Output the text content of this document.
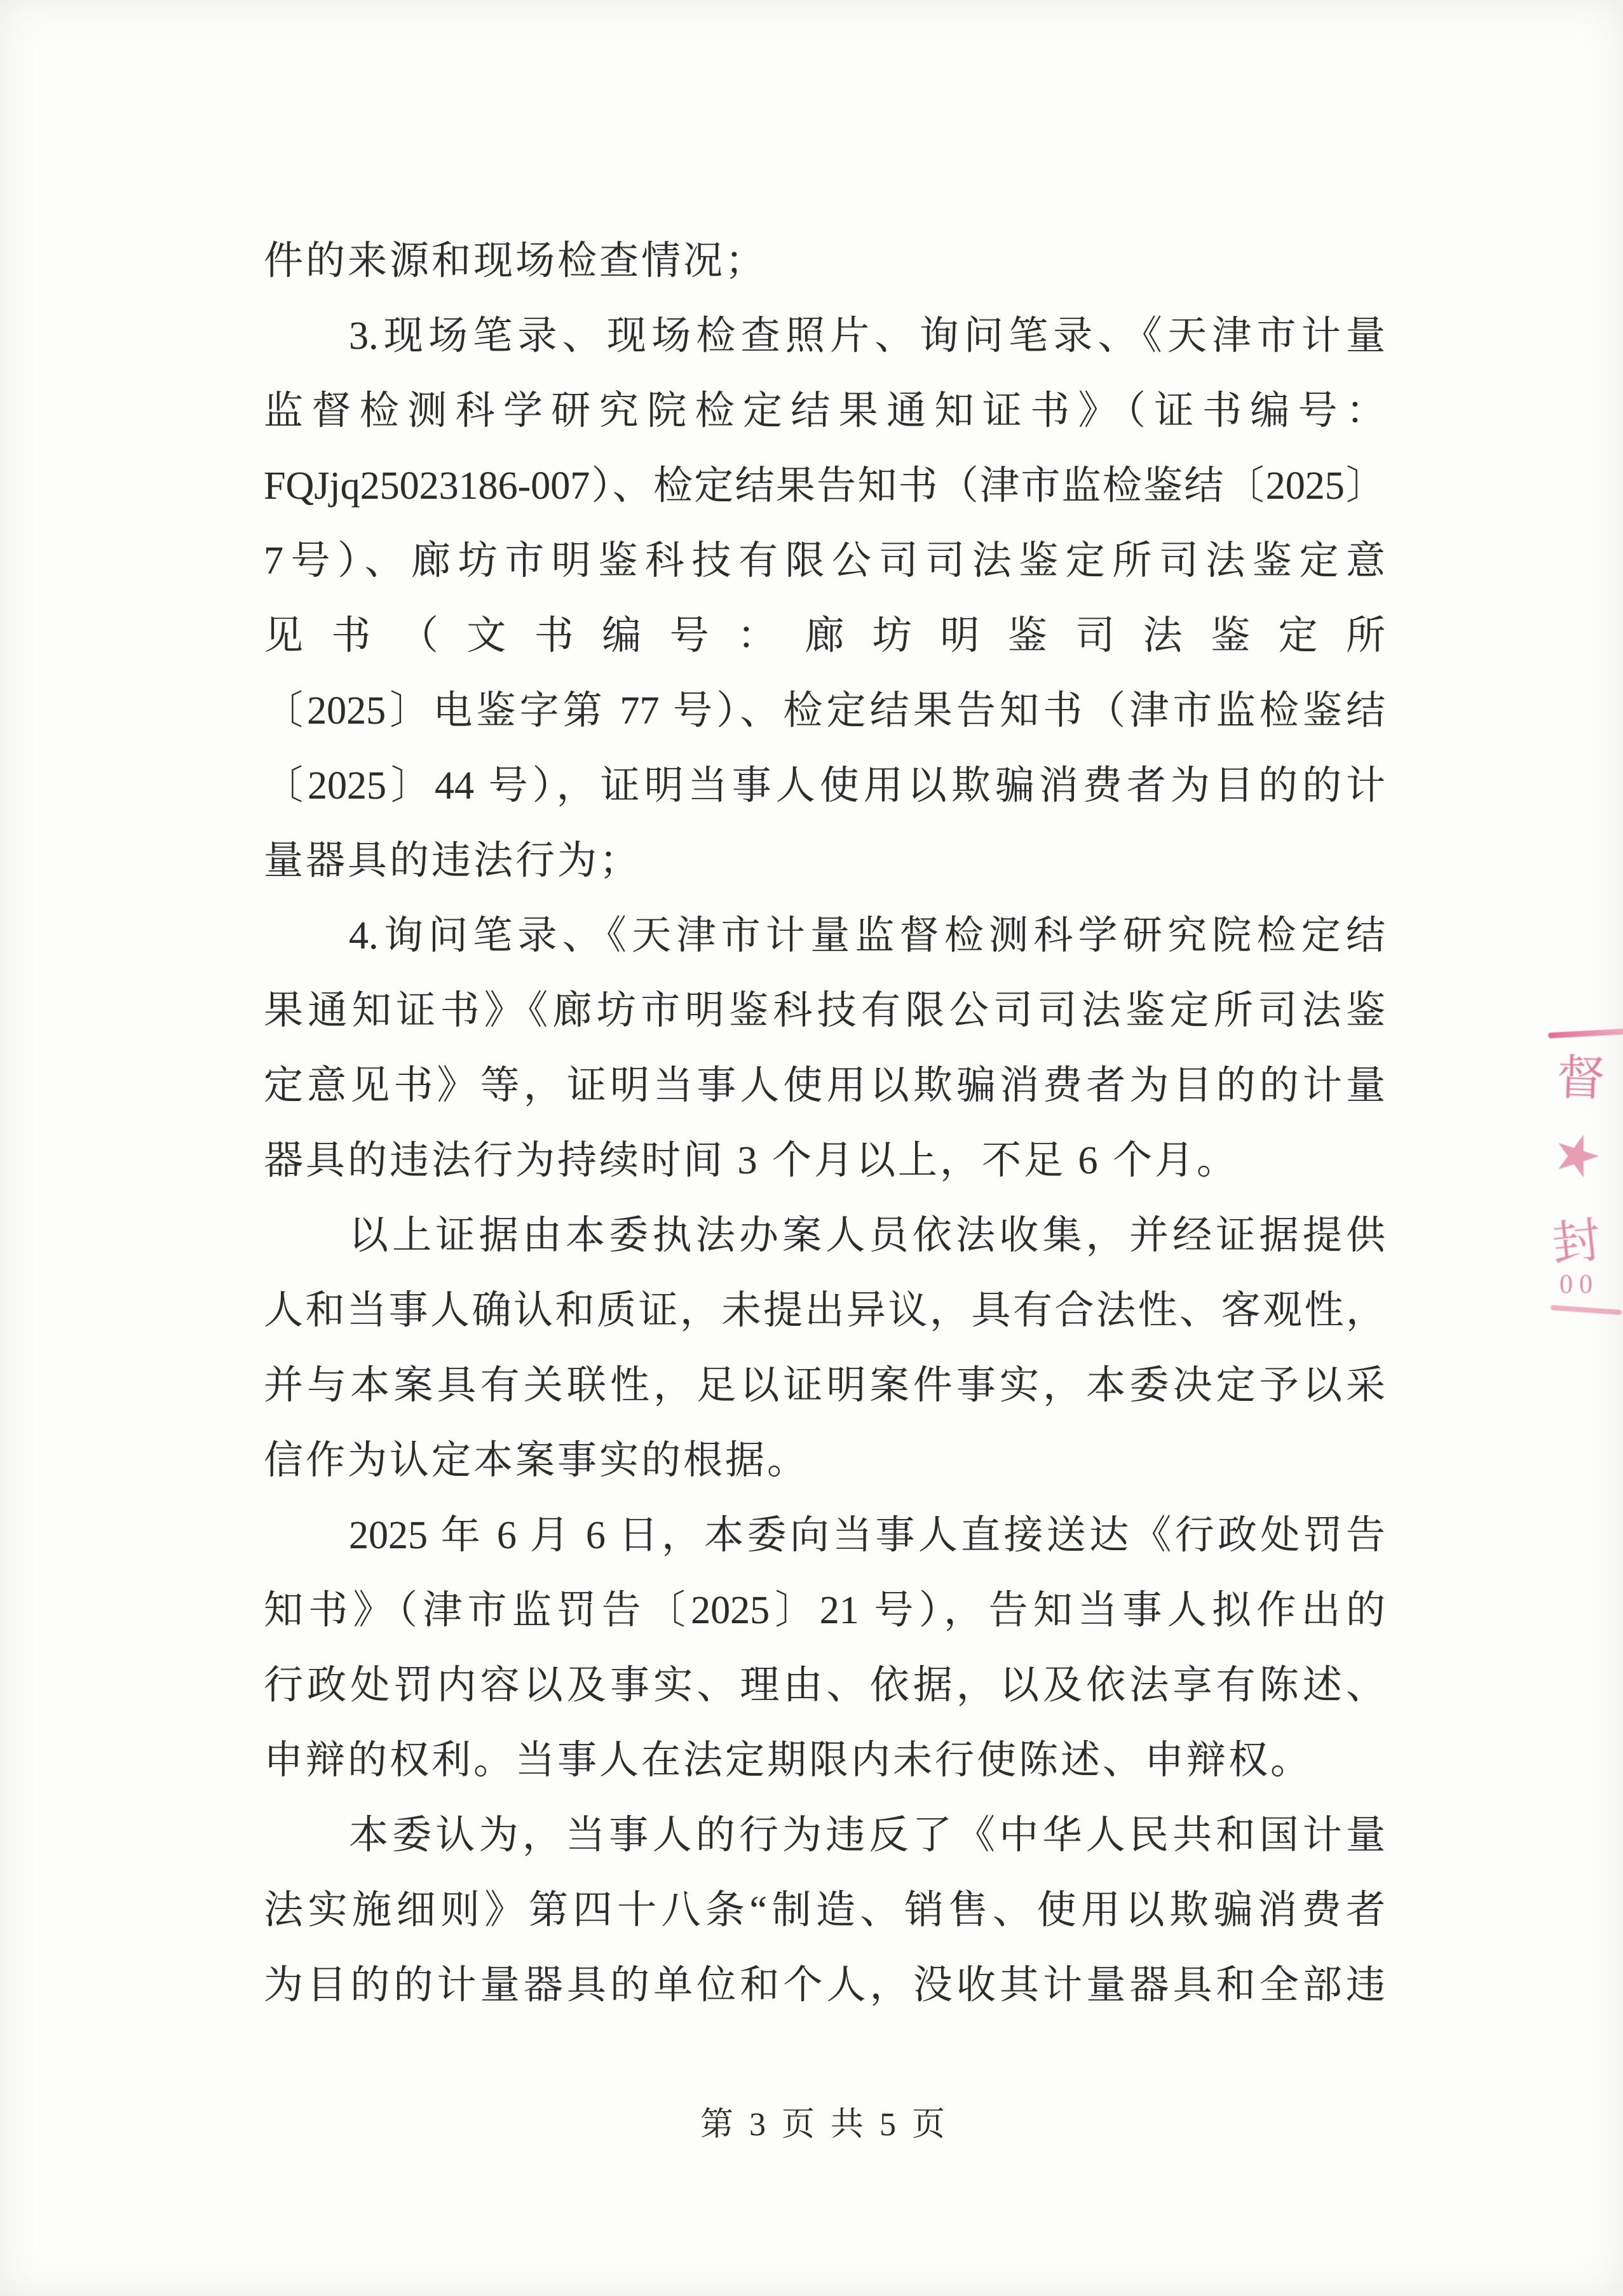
件的来源和现场检查情况；
3.现场笔录、现场检查照片、询问笔录、《天津市计量
监督检测科学研究院检定结果通知证书》（证书编号：
FQJjq25023186-007）、检定结果告知书（津市监检鉴结〔2025〕
7号）、廊坊市明鉴科技有限公司司法鉴定所司法鉴定意
见书（文书编号：廊坊明鉴司法鉴定所
〔2025〕电鉴字第 77 号）、检定结果告知书（津市监检鉴结
〔2025〕44 号），证明当事人使用以欺骗消费者为目的的计
量器具的违法行为；
4.询问笔录、《天津市计量监督检测科学研究院检定结
果通知证书》《廊坊市明鉴科技有限公司司法鉴定所司法鉴
定意见书》等，证明当事人使用以欺骗消费者为目的的计量
器具的违法行为持续时间 3 个月以上，不足 6 个月。
以上证据由本委执法办案人员依法收集，并经证据提供
人和当事人确认和质证，未提出异议，具有合法性、客观性，
并与本案具有关联性，足以证明案件事实，本委决定予以采
信作为认定本案事实的根据。
2025 年 6 月 6 日，本委向当事人直接送达《行政处罚告
知书》（津市监罚告〔2025〕21 号），告知当事人拟作出的
行政处罚内容以及事实、理由、依据，以及依法享有陈述、
申辩的权利。当事人在法定期限内未行使陈述、申辩权。
本委认为，当事人的行为违反了《中华人民共和国计量
法实施细则》第四十八条“制造、销售、使用以欺骗消费者
为目的的计量器具的单位和个人，没收其计量器具和全部违
第 3 页 共 5 页
督
★
封
00
